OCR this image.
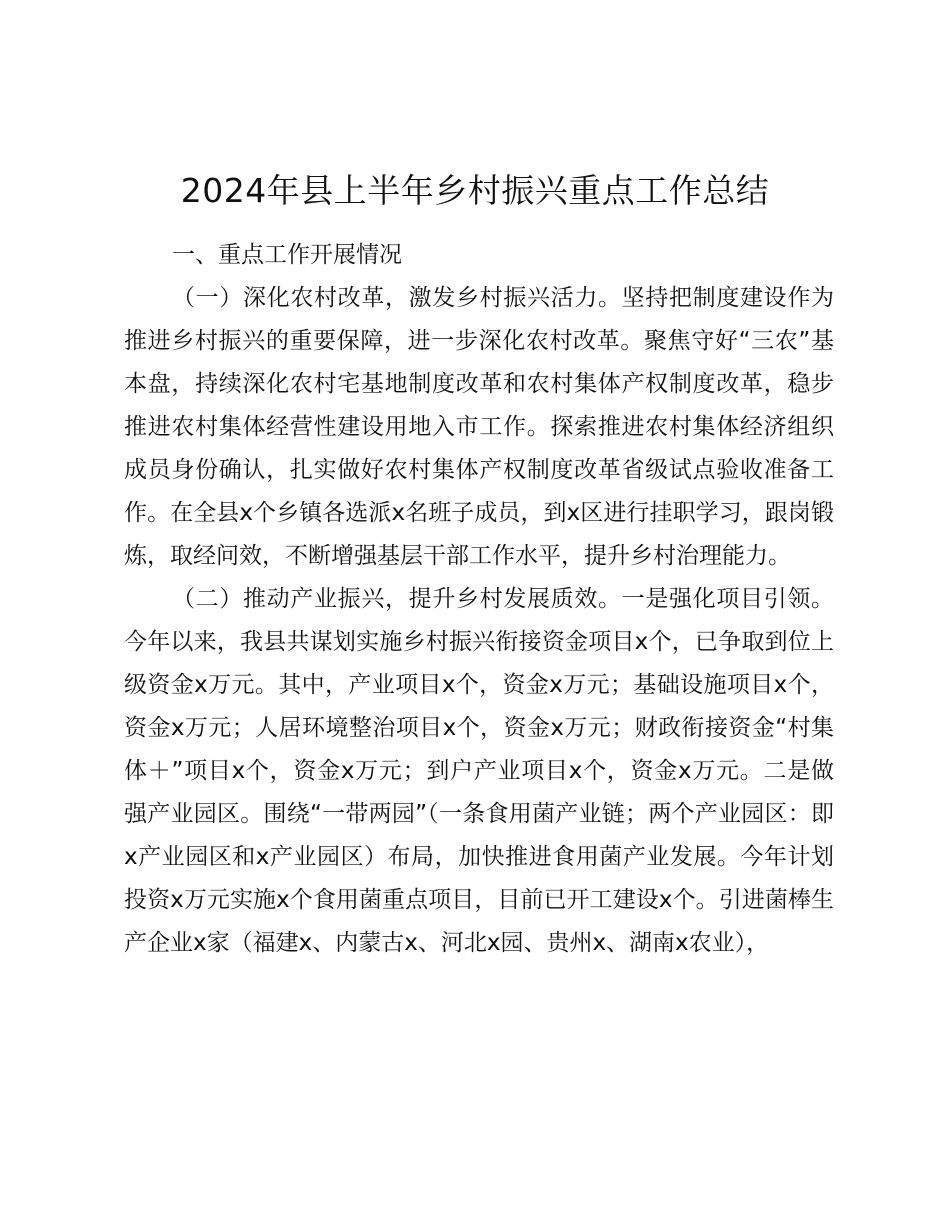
2024年县上半年乡村振兴重点工作总结

一、重点工作开展情况

（一）深化农村改革，激发乡村振兴活力。坚持把制度建设作为推进乡村振兴的重要保障，进一步深化农村改革。聚焦守好“三农”基本盘，持续深化农村宅基地制度改革和农村集体产权制度改革，稳步推进农村集体经营性建设用地入市工作。探索推进农村集体经济组织成员身份确认，扎实做好农村集体产权制度改革省级试点验收准备工作。在全县x个乡镇各选派x名班子成员，到x区进行挂职学习，跟岗锻炼，取经问效，不断增强基层干部工作水平，提升乡村治理能力。

（二）推动产业振兴，提升乡村发展质效。一是强化项目引领。今年以来，我县共谋划实施乡村振兴衔接资金项目x个，已争取到位上级资金x万元。其中，产业项目x个，资金x万元；基础设施项目x个，资金x万元；人居环境整治项目x个，资金x万元；财政衔接资金“村集体＋”项目x个，资金x万元；到户产业项目x个，资金x万元。二是做强产业园区。围绕“一带两园”（一条食用菌产业链；两个产业园区：即x产业园区和x产业园区）布局，加快推进食用菌产业发展。今年计划投资x万元实施x个食用菌重点项目，目前已开工建设x个。引进菌棒生产企业x家（福建x、内蒙古x、河北x园、贵州x、湖南x农业），
